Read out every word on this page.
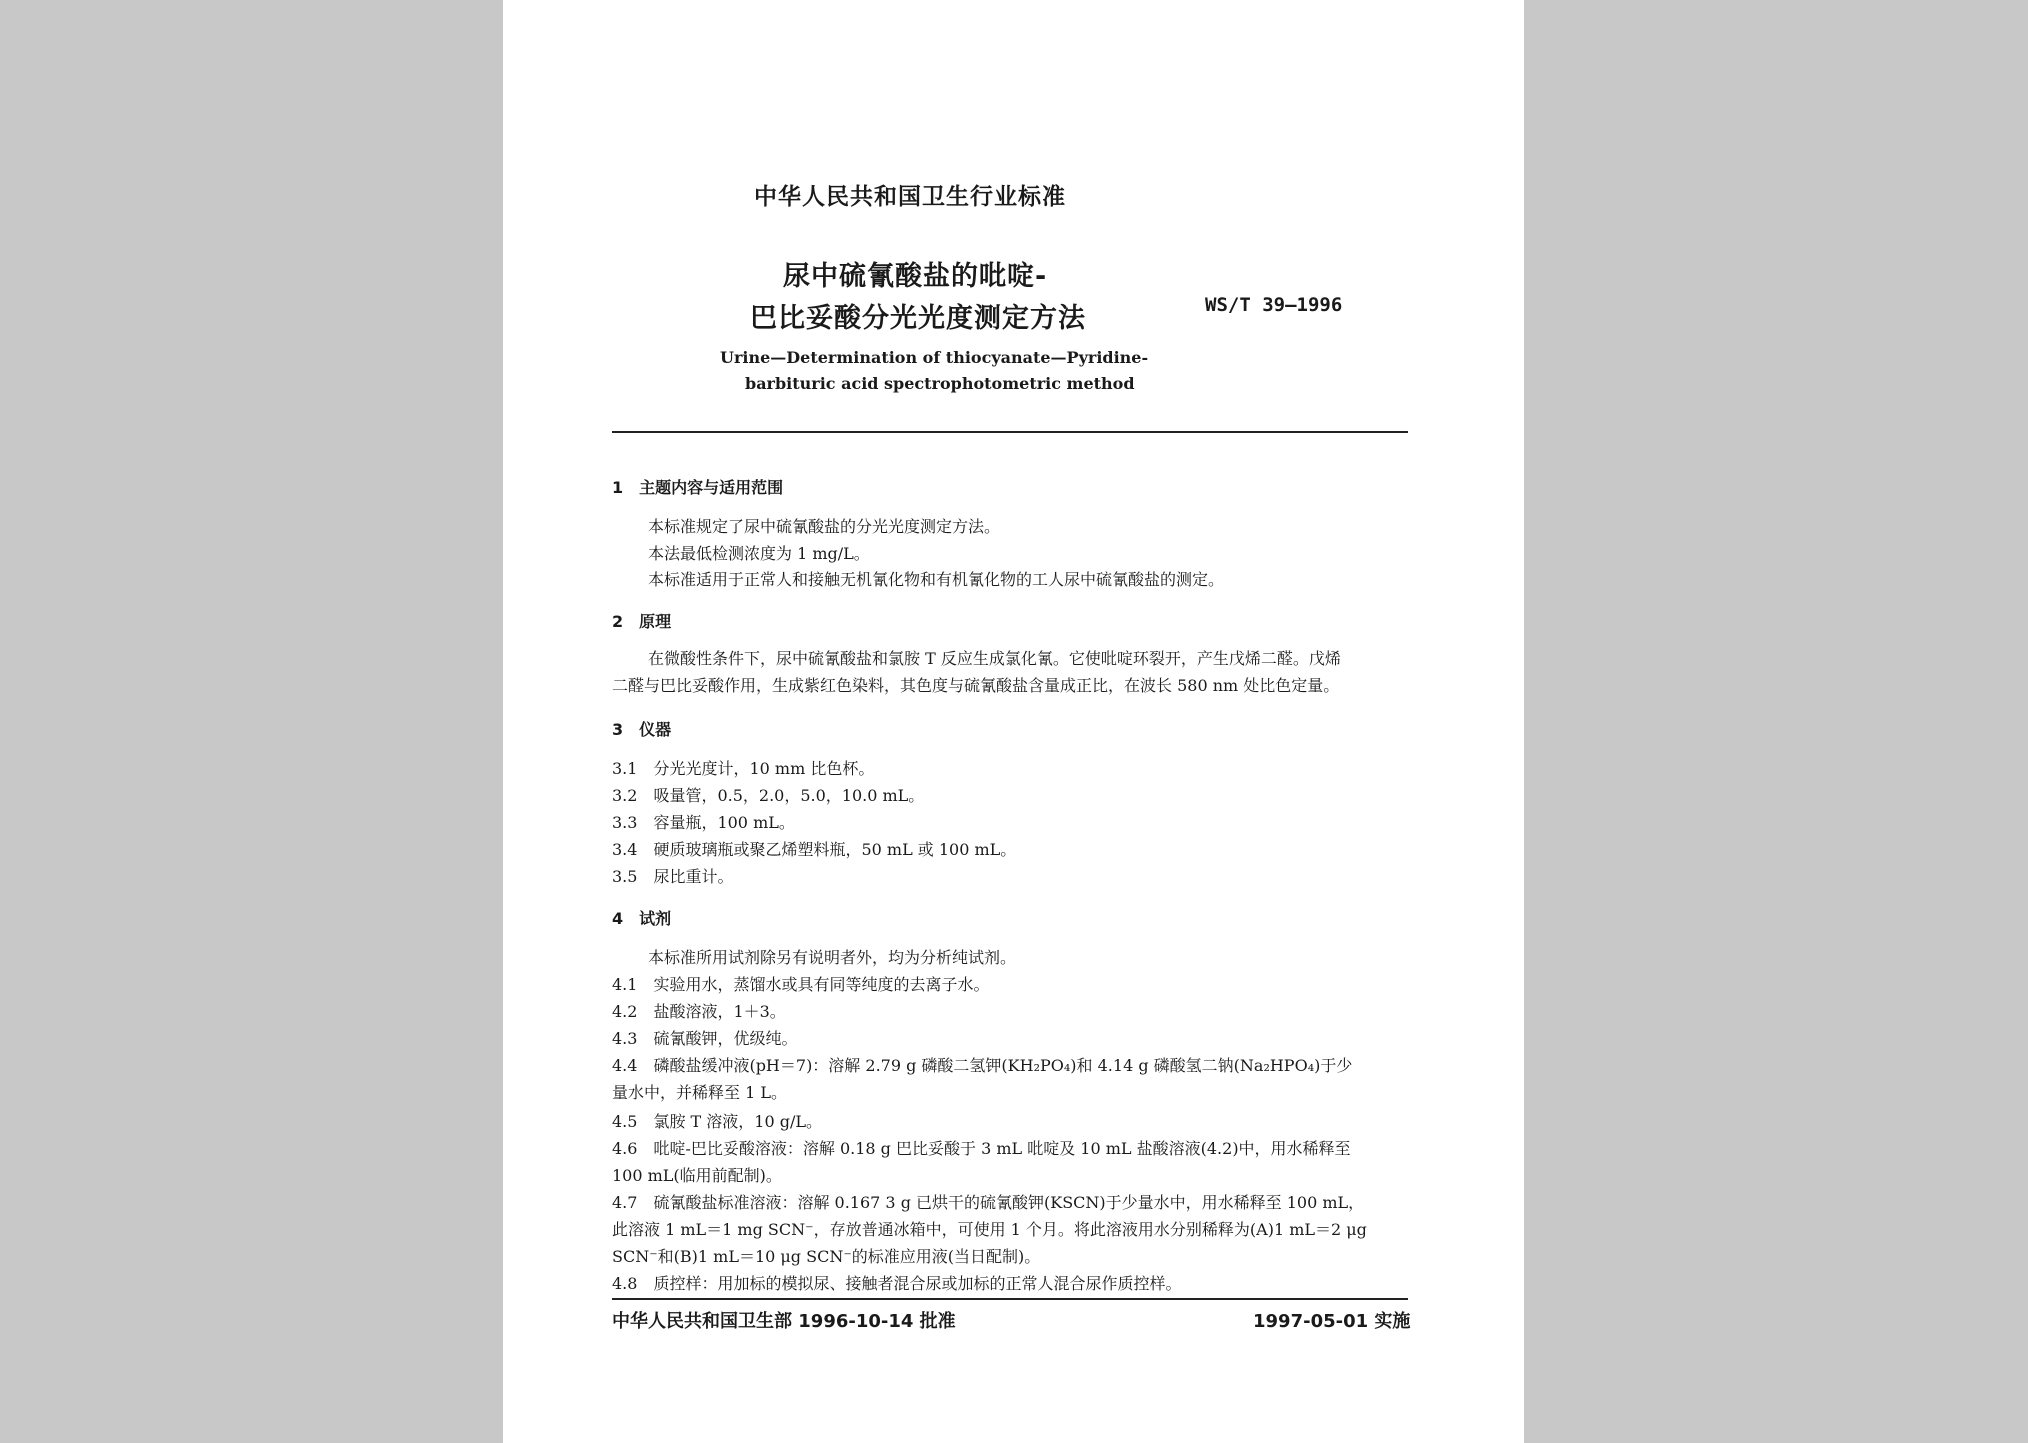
中华人民共和国卫生行业标准
尿中硫氰酸盐的吡啶-
巴比妥酸分光光度测定方法	WS/T 39—1996
Urine—Determination of thiocyanate—Pyridine-
barbituric acid spectrophotometric method
1　主题内容与适用范围
本标准规定了尿中硫氰酸盐的分光光度测定方法。
本法最低检测浓度为 1 mg/L。
本标准适用于正常人和接触无机氰化物和有机氰化物的工人尿中硫氰酸盐的测定。
2　原理
在微酸性条件下，尿中硫氰酸盐和氯胺 T 反应生成氯化氰。它使吡啶环裂开，产生戊烯二醛。戊烯
二醛与巴比妥酸作用，生成紫红色染料，其色度与硫氰酸盐含量成正比，在波长 580 nm 处比色定量。
3　仪器
3.1　分光光度计，10 mm 比色杯。
3.2　吸量管，0.5，2.0，5.0，10.0 mL。
3.3　容量瓶，100 mL。
3.4　硬质玻璃瓶或聚乙烯塑料瓶，50 mL 或 100 mL。
3.5　尿比重计。
4　试剂
本标准所用试剂除另有说明者外，均为分析纯试剂。
4.1　实验用水，蒸馏水或具有同等纯度的去离子水。
4.2　盐酸溶液，1＋3。
4.3　硫氰酸钾，优级纯。
4.4　磷酸盐缓冲液(pH＝7)：溶解 2.79 g 磷酸二氢钾(KH₂PO₄)和 4.14 g 磷酸氢二钠(Na₂HPO₄)于少
量水中，并稀释至 1 L。
4.5　氯胺 T 溶液，10 g/L。
4.6　吡啶-巴比妥酸溶液：溶解 0.18 g 巴比妥酸于 3 mL 吡啶及 10 mL 盐酸溶液(4.2)中，用水稀释至
100 mL(临用前配制)。
4.7　硫氰酸盐标准溶液：溶解 0.167 3 g 已烘干的硫氰酸钾(KSCN)于少量水中，用水稀释至 100 mL，
此溶液 1 mL＝1 mg SCN⁻，存放普通冰箱中，可使用 1 个月。将此溶液用水分别稀释为(A)1 mL＝2 μg
SCN⁻和(B)1 mL＝10 μg SCN⁻的标准应用液(当日配制)。
4.8　质控样：用加标的模拟尿、接触者混合尿或加标的正常人混合尿作质控样。
中华人民共和国卫生部 1996-10-14 批准	1997-05-01 实施
